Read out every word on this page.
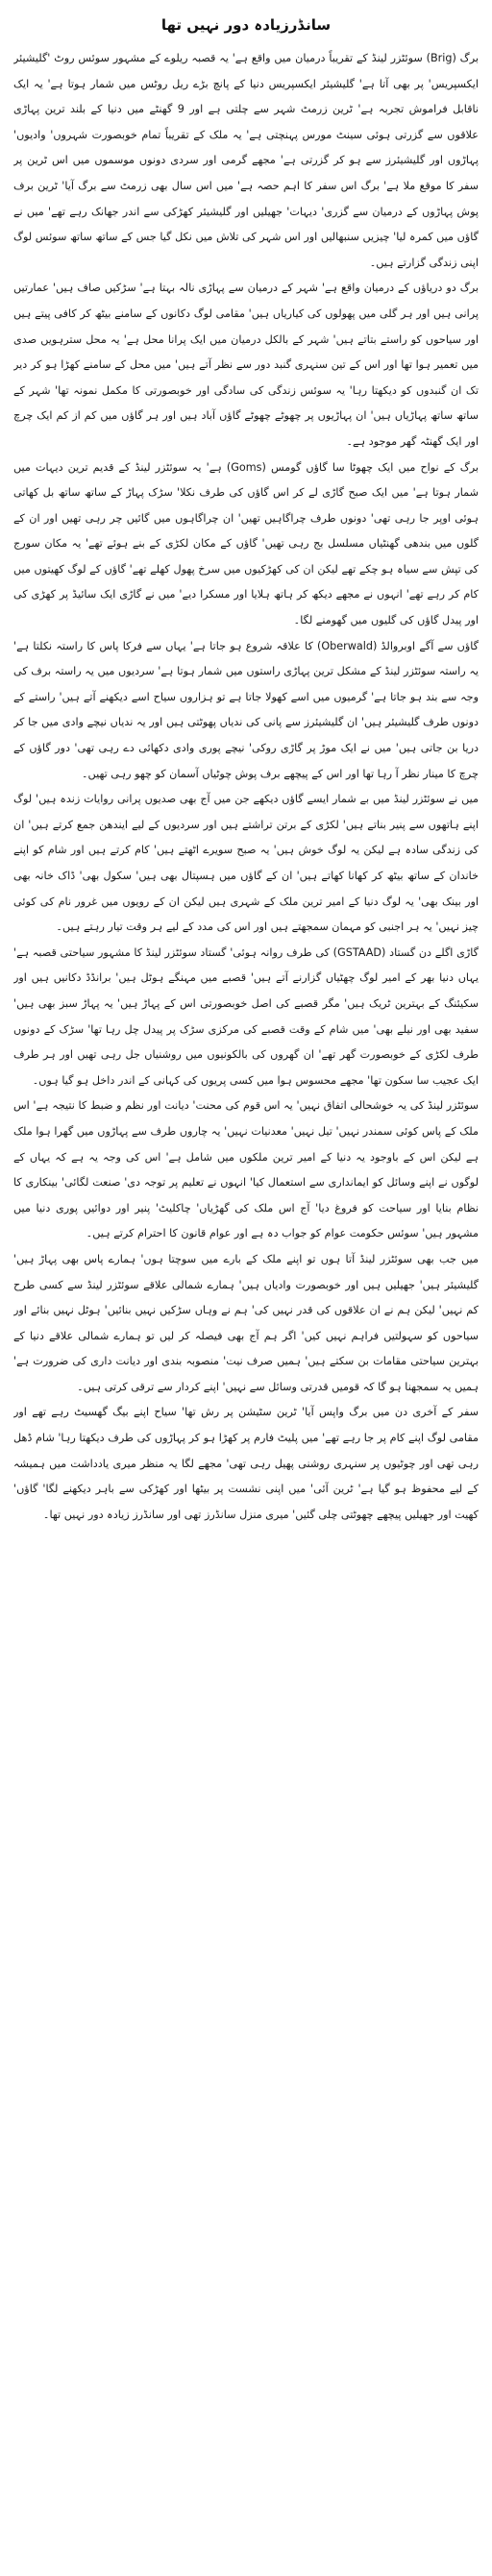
سانڈرزیادہ دور نہیں تھا

برگ (Brig) سوئٹزر لینڈ کے تقریباً درمیان میں واقع ہے' یہ قصبہ ریلوے کے مشہور سوئس روٹ 'گلیشیئر ایکسپریس' پر بھی آتا ہے' گلیشیئر ایکسپریس دنیا کے پانچ بڑے ریل روٹس میں شمار ہوتا ہے' یہ ایک ناقابل فراموش تجربہ ہے' ٹرین زرمٹ شہر سے چلتی ہے اور 9 گھنٹے میں دنیا کے بلند ترین پہاڑی علاقوں سے گزرتی ہوئی سینٹ مورس پہنچتی ہے' یہ ملک کے تقریباً تمام خوبصورت شہروں' وادیوں' پہاڑوں اور گلیشیئرز سے ہو کر گزرتی ہے' مجھے گرمی اور سردی دونوں موسموں میں اس ٹرین پر سفر کا موقع ملا ہے' برگ اس سفر کا اہم حصہ ہے' میں اس سال بھی زرمٹ سے برگ آیا' ٹرین برف پوش پہاڑوں کے درمیان سے گزری' دیہات' جھیلیں اور گلیشیئر کھڑکی سے اندر جھانک رہے تھے' میں نے گاؤں میں کمرہ لیا' چیزیں سنبھالیں اور اس شہر کی تلاش میں نکل گیا جس کے ساتھ ساتھ سوئس لوگ اپنی زندگی گزارتے ہیں۔

برگ دو دریاؤں کے درمیان واقع ہے' شہر کے درمیان سے پہاڑی نالہ بہتا ہے' سڑکیں صاف ہیں' عمارتیں پرانی ہیں اور ہر گلی میں پھولوں کی کیاریاں ہیں' مقامی لوگ دکانوں کے سامنے بیٹھ کر کافی پیتے ہیں اور سیاحوں کو راستے بتاتے ہیں' شہر کے بالکل درمیان میں ایک پرانا محل ہے' یہ محل سترہویں صدی میں تعمیر ہوا تھا اور اس کے تین سنہری گنبد دور سے نظر آتے ہیں' میں محل کے سامنے کھڑا ہو کر دیر تک ان گنبدوں کو دیکھتا رہا' یہ سوئس زندگی کی سادگی اور خوبصورتی کا مکمل نمونہ تھا' شہر کے ساتھ ساتھ پہاڑیاں ہیں' ان پہاڑیوں پر چھوٹے چھوٹے گاؤں آباد ہیں اور ہر گاؤں میں کم از کم ایک چرچ اور ایک گھنٹہ گھر موجود ہے۔

برگ کے نواح میں ایک چھوٹا سا گاؤں گومس (Goms) ہے' یہ سوئٹزر لینڈ کے قدیم ترین دیہات میں شمار ہوتا ہے' میں ایک صبح گاڑی لے کر اس گاؤں کی طرف نکلا' سڑک پہاڑ کے ساتھ ساتھ بل کھاتی ہوئی اوپر جا رہی تھی' دونوں طرف چراگاہیں تھیں' ان چراگاہوں میں گائیں چر رہی تھیں اور ان کے گلوں میں بندھی گھنٹیاں مسلسل بج رہی تھیں' گاؤں کے مکان لکڑی کے بنے ہوئے تھے' یہ مکان سورج کی تپش سے سیاہ ہو چکے تھے لیکن ان کی کھڑکیوں میں سرخ پھول کھلے تھے' گاؤں کے لوگ کھیتوں میں کام کر رہے تھے' انہوں نے مجھے دیکھ کر ہاتھ ہلایا اور مسکرا دیے' میں نے گاڑی ایک سائیڈ پر کھڑی کی اور پیدل گاؤں کی گلیوں میں گھومنے لگا۔

گاؤں سے آگے اوبروالڈ (Oberwald) کا علاقہ شروع ہو جاتا ہے' یہاں سے فرکا پاس کا راستہ نکلتا ہے' یہ راستہ سوئٹزر لینڈ کے مشکل ترین پہاڑی راستوں میں شمار ہوتا ہے' سردیوں میں یہ راستہ برف کی وجہ سے بند ہو جاتا ہے' گرمیوں میں اسے کھولا جاتا ہے تو ہزاروں سیاح اسے دیکھنے آتے ہیں' راستے کے دونوں طرف گلیشیئر ہیں' ان گلیشیئرز سے پانی کی ندیاں پھوٹتی ہیں اور یہ ندیاں نیچے وادی میں جا کر دریا بن جاتی ہیں' میں نے ایک موڑ پر گاڑی روکی' نیچے پوری وادی دکھائی دے رہی تھی' دور گاؤں کے چرچ کا مینار نظر آ رہا تھا اور اس کے پیچھے برف پوش چوٹیاں آسمان کو چھو رہی تھیں۔

میں نے سوئٹزر لینڈ میں بے شمار ایسے گاؤں دیکھے جن میں آج بھی صدیوں پرانی روایات زندہ ہیں' لوگ اپنے ہاتھوں سے پنیر بناتے ہیں' لکڑی کے برتن تراشتے ہیں اور سردیوں کے لیے ایندھن جمع کرتے ہیں' ان کی زندگی سادہ ہے لیکن یہ لوگ خوش ہیں' یہ صبح سویرے اٹھتے ہیں' کام کرتے ہیں اور شام کو اپنے خاندان کے ساتھ بیٹھ کر کھانا کھاتے ہیں' ان کے گاؤں میں ہسپتال بھی ہیں' سکول بھی' ڈاک خانہ بھی اور بینک بھی' یہ لوگ دنیا کے امیر ترین ملک کے شہری ہیں لیکن ان کے رویوں میں غرور نام کی کوئی چیز نہیں' یہ ہر اجنبی کو مہمان سمجھتے ہیں اور اس کی مدد کے لیے ہر وقت تیار رہتے ہیں۔

گاڑی اگلے دن گستاد (GSTAAD) کی طرف روانہ ہوئی' گستاد سوئٹزر لینڈ کا مشہور سیاحتی قصبہ ہے' یہاں دنیا بھر کے امیر لوگ چھٹیاں گزارنے آتے ہیں' قصبے میں مہنگے ہوٹل ہیں' برانڈڈ دکانیں ہیں اور سکیئنگ کے بہترین ٹریک ہیں' مگر قصبے کی اصل خوبصورتی اس کے پہاڑ ہیں' یہ پہاڑ سبز بھی ہیں' سفید بھی اور نیلے بھی' میں شام کے وقت قصبے کی مرکزی سڑک پر پیدل چل رہا تھا' سڑک کے دونوں طرف لکڑی کے خوبصورت گھر تھے' ان گھروں کی بالکونیوں میں روشنیاں جل رہی تھیں اور ہر طرف ایک عجیب سا سکون تھا' مجھے محسوس ہوا میں کسی پریوں کی کہانی کے اندر داخل ہو گیا ہوں۔

سوئٹزر لینڈ کی یہ خوشحالی اتفاق نہیں' یہ اس قوم کی محنت' دیانت اور نظم و ضبط کا نتیجہ ہے' اس ملک کے پاس کوئی سمندر نہیں' تیل نہیں' معدنیات نہیں' یہ چاروں طرف سے پہاڑوں میں گھرا ہوا ملک ہے لیکن اس کے باوجود یہ دنیا کے امیر ترین ملکوں میں شامل ہے' اس کی وجہ یہ ہے کہ یہاں کے لوگوں نے اپنے وسائل کو ایمانداری سے استعمال کیا' انہوں نے تعلیم پر توجہ دی' صنعت لگائی' بینکاری کا نظام بنایا اور سیاحت کو فروغ دیا' آج اس ملک کی گھڑیاں' چاکلیٹ' پنیر اور دوائیں پوری دنیا میں مشہور ہیں' سوئس حکومت عوام کو جواب دہ ہے اور عوام قانون کا احترام کرتے ہیں۔

میں جب بھی سوئٹزر لینڈ آتا ہوں تو اپنے ملک کے بارے میں سوچتا ہوں' ہمارے پاس بھی پہاڑ ہیں' گلیشیئر ہیں' جھیلیں ہیں اور خوبصورت وادیاں ہیں' ہمارے شمالی علاقے سوئٹزر لینڈ سے کسی طرح کم نہیں' لیکن ہم نے ان علاقوں کی قدر نہیں کی' ہم نے وہاں سڑکیں نہیں بنائیں' ہوٹل نہیں بنائے اور سیاحوں کو سہولتیں فراہم نہیں کیں' اگر ہم آج بھی فیصلہ کر لیں تو ہمارے شمالی علاقے دنیا کے بہترین سیاحتی مقامات بن سکتے ہیں' ہمیں صرف نیت' منصوبہ بندی اور دیانت داری کی ضرورت ہے' ہمیں یہ سمجھنا ہو گا کہ قومیں قدرتی وسائل سے نہیں' اپنے کردار سے ترقی کرتی ہیں۔

سفر کے آخری دن میں برگ واپس آیا' ٹرین سٹیشن پر رش تھا' سیاح اپنے بیگ گھسیٹ رہے تھے اور مقامی لوگ اپنے کام پر جا رہے تھے' میں پلیٹ فارم پر کھڑا ہو کر پہاڑوں کی طرف دیکھتا رہا' شام ڈھل رہی تھی اور چوٹیوں پر سنہری روشنی پھیل رہی تھی' مجھے لگا یہ منظر میری یادداشت میں ہمیشہ کے لیے محفوظ ہو گیا ہے' ٹرین آئی' میں اپنی نشست پر بیٹھا اور کھڑکی سے باہر دیکھنے لگا' گاؤں' کھیت اور جھیلیں پیچھے چھوٹتی چلی گئیں' میری منزل سانڈرز تھی اور سانڈرز زیادہ دور نہیں تھا۔
